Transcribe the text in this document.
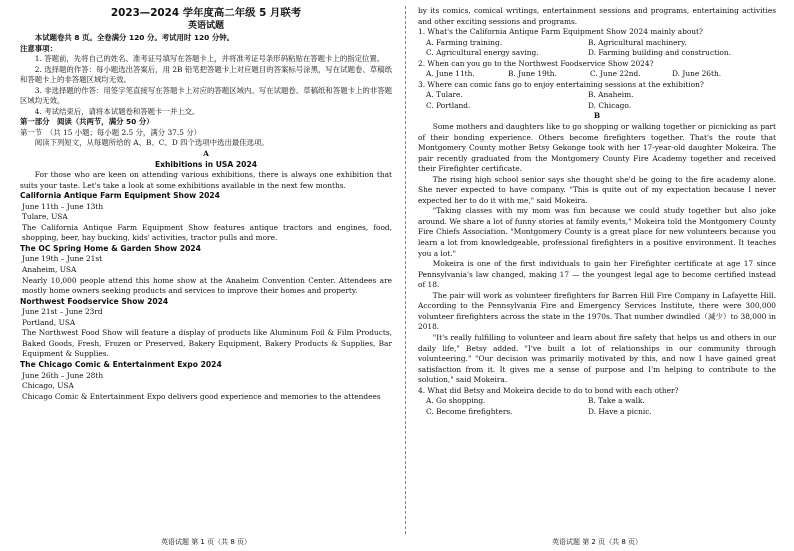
2023—2024 学年度高二年级 5 月联考
英语试题

本试题卷共 8 页。全卷满分 120 分。考试用时 120 分钟。

注意事项：

1. 答题前，先将自己的姓名、准考证号填写在答题卡上，并将准考证号条形码粘贴在答题卡上的指定位置。

2. 选择题的作答：每小题选出答案后，用 2B 铅笔把答题卡上对应题目的答案标号涂黑，写在试题卷、草稿纸和答题卡上的非答题区域均无效。

3. 非选择题的作答：用签字笔直接写在答题卡上对应的答题区域内。写在试题卷、草稿纸和答题卡上的非答题区域均无效。

4. 考试结束后，请将本试题卷和答题卡一并上交。

第一部分　阅读（共两节，满分 50 分）

第一节　（共 15 小题；每小题 2.5 分，满分 37.5 分）

阅读下列短文，从每题所给的 A、B、C、D 四个选项中选出最佳选项。

A

Exhibitions in USA 2024

For those who are keen on attending various exhibitions, there is always one exhibition that suits your taste. Let's take a look at some exhibitions available in the next few months.

California Antique Farm Equipment Show 2024

June 11th – June 13th

Tulare, USA

The California Antique Farm Equipment Show features antique tractors and engines, food, shopping, beer, hay bucking, kids' activities, tractor pulls and more.

The OC Spring Home & Garden Show 2024

June 19th – June 21st

Anaheim, USA

Nearly 10,000 people attend this home show at the Anaheim Convention Center. Attendees are mostly home owners seeking products and services to improve their homes and property.

Northwest Foodservice Show 2024

June 21st – June 23rd

Portland, USA

The Northwest Food Show will feature a display of products like Aluminum Foil & Film Products, Baked Goods, Fresh, Frozen or Preserved, Bakery Equipment, Bakery Products & Supplies, Bar Equipment & Supplies.

The Chicago Comic & Entertainment Expo 2024

June 26th – June 28th

Chicago, USA

Chicago Comic & Entertainment Expo delivers good experience and memories to the attendees

by its comics, comical writings, entertainment sessions and programs, entertaining activities and other exciting sessions and programs.

1. What's the California Antique Farm Equipment Show 2024 mainly about?

A. Farming training.	B. Agricultural machinery.
C. Agricultural energy saving.	D. Farming building and construction.

2. When can you go to the Northwest Foodservice Show 2024?

A. June 11th.	B. June 19th.	C. June 22nd.	D. June 26th.

3. Where can comic fans go to enjoy entertaining sessions at the exhibition?

A. Tulare.	B. Anaheim.
C. Portland.	D. Chicago.

B

Some mothers and daughters like to go shopping or walking together or picnicking as part of their bonding experience. Others become firefighters together. That's the route that Montgomery County mother Betsy Gekonge took with her 17-year-old daughter Mokeira. The pair recently graduated from the Montgomery County Fire Academy together and received their Firefighter certificate.

The rising high school senior says she thought she'd be going to the fire academy alone. She never expected to have company. "This is quite out of my expectation because I never expected her to do it with me," said Mokeira.

"Taking classes with my mom was fun because we could study together but also joke around. We share a lot of funny stories at family events," Mokeira told the Montgomery County Fire Chiefs Association. "Montgomery County is a great place for new volunteers because you learn a lot from knowledgeable, professional firefighters in a positive environment. It teaches you a lot."

Mokeira is one of the first individuals to gain her Firefighter certificate at age 17 since Pennsylvania's law changed, making 17 — the youngest legal age to become certified instead of 18.

The pair will work as volunteer firefighters for Barren Hill Fire Company in Lafayette Hill. According to the Pennsylvania Fire and Emergency Services Institute, there were 300,000 volunteer firefighters across the state in the 1970s. That number dwindled（减少）to 38,000 in 2018.

"It's really fulfilling to volunteer and learn about fire safety that helps us and others in our daily life," Betsy added. "I've built a lot of relationships in our community through volunteering." "Our decision was primarily motivated by this, and now I have gained great satisfaction from it. It gives me a sense of purpose and I'm helping to contribute to the solution," said Mokeira.

4. What did Betsy and Mokeira decide to do to bond with each other?

A. Go shopping.	B. Take a walk.
C. Become firefighters.	D. Have a picnic.
英语试题 第 1 页（共 8 页）	英语试题 第 2 页（共 8 页）
